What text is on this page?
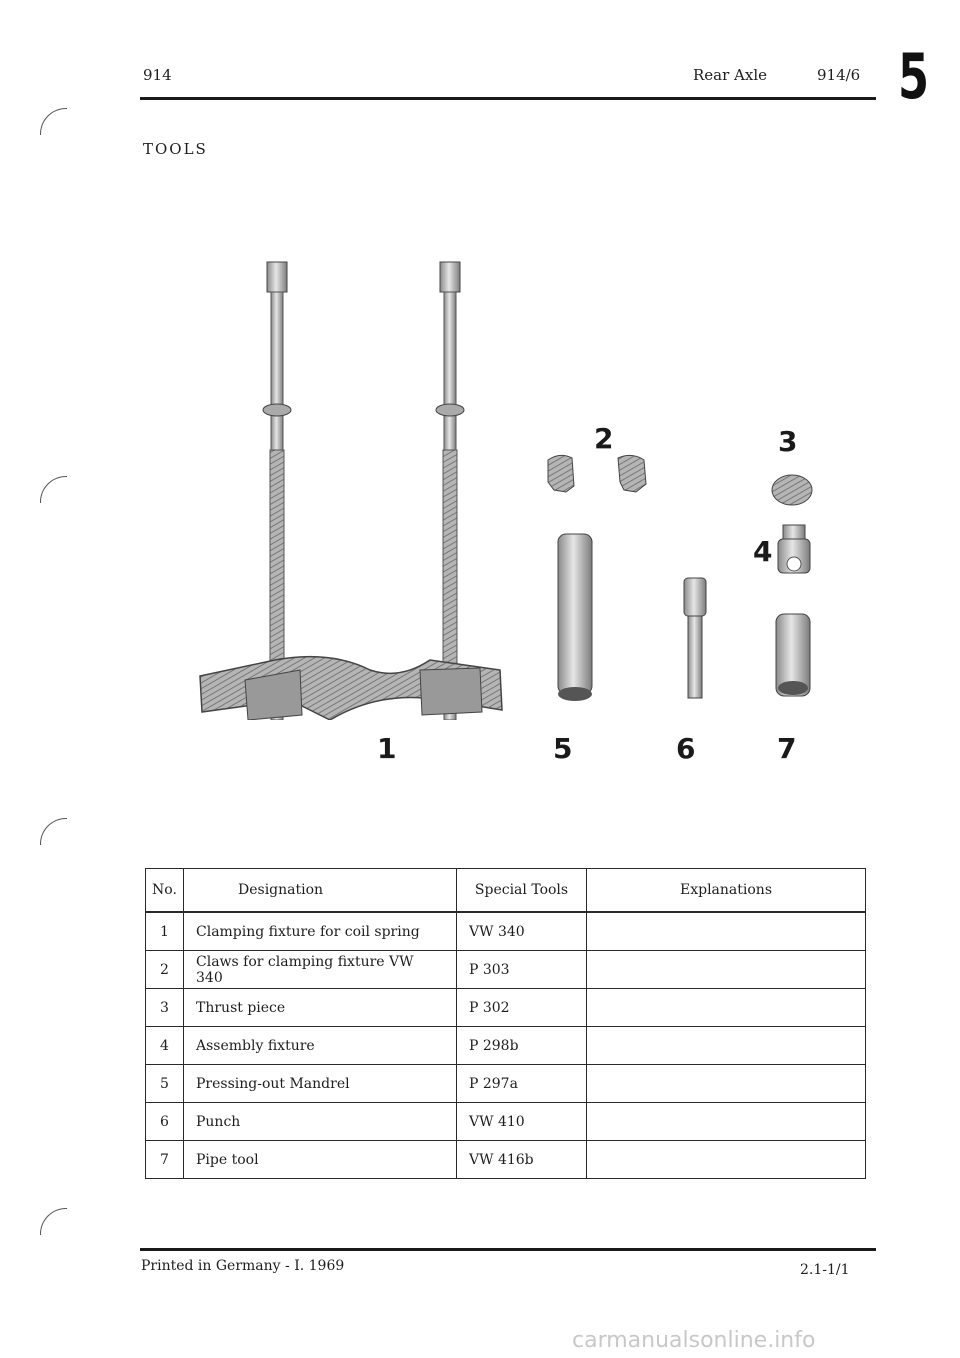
914	Rear Axle	914/6 5
TOOLS
1
2	3
4
5	6	7
No.	Designation	Special Tools	Explanations
1	Clamping fixture for coil spring	VW 340	
2	Claws for clamping fixture VW 340	P 303	
3	Thrust piece	P 302	
4	Assembly fixture	P 298b	
5	Pressing-out Mandrel	P 297a	
6	Punch	VW 410	
7	Pipe tool	VW 416b	
Printed in Germany - I. 1969	2.1-1/1
carmanualsonline.info
